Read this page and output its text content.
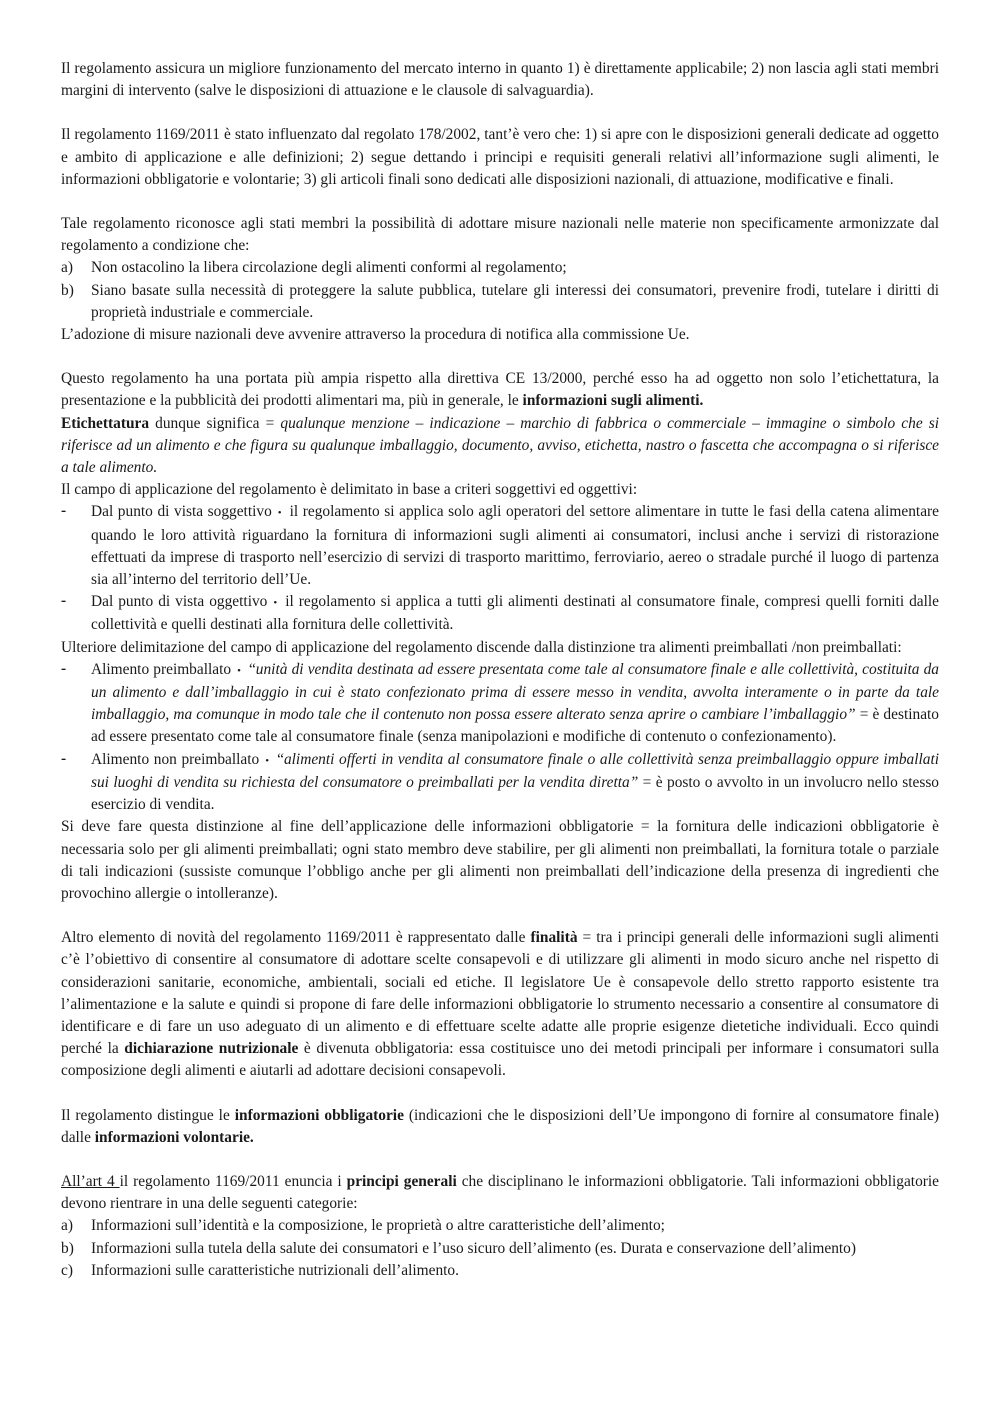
Il regolamento assicura un migliore funzionamento del mercato interno in quanto 1) è direttamente applicabile; 2) non lascia agli stati membri margini di intervento (salve le disposizioni di attuazione e le clausole di salvaguardia).

Il regolamento 1169/2011 è stato influenzato dal regolato 178/2002, tant’è vero che: 1) si apre con le disposizioni generali dedicate ad oggetto e ambito di applicazione e alle definizioni; 2) segue dettando i principi e requisiti generali relativi all’informazione sugli alimenti, le informazioni obbligatorie e volontarie; 3) gli articoli finali sono dedicati alle disposizioni nazionali, di attuazione, modificative e finali.

Tale regolamento riconosce agli stati membri la possibilità di adottare misure nazionali nelle materie non specificamente armonizzate dal regolamento a condizione che:

a) Non ostacolino la libera circolazione degli alimenti conformi al regolamento;
b) Siano basate sulla necessità di proteggere la salute pubblica, tutelare gli interessi dei consumatori, prevenire frodi, tutelare i diritti di proprietà industriale e commerciale.

L’adozione di misure nazionali deve avvenire attraverso la procedura di notifica alla commissione Ue.

Questo regolamento ha una portata più ampia rispetto alla direttiva CE 13/2000, perché esso ha ad oggetto non solo l’etichettatura, la presentazione e la pubblicità dei prodotti alimentari ma, più in generale, le informazioni sugli alimenti.

Etichettatura dunque significa = qualunque menzione – indicazione – marchio di fabbrica o commerciale – immagine o simbolo che si riferisce ad un alimento e che figura su qualunque imballaggio, documento, avviso, etichetta, nastro o fascetta che accompagna o si riferisce a tale alimento.

Il campo di applicazione del regolamento è delimitato in base a criteri soggettivi ed oggettivi:

- Dal punto di vista soggettivo • il regolamento si applica solo agli operatori del settore alimentare in tutte le fasi della catena alimentare quando le loro attività riguardano la fornitura di informazioni sugli alimenti ai consumatori, inclusi anche i servizi di ristorazione effettuati da imprese di trasporto nell’esercizio di servizi di trasporto marittimo, ferroviario, aereo o stradale purché il luogo di partenza sia all’interno del territorio dell’Ue.
- Dal punto di vista oggettivo • il regolamento si applica a tutti gli alimenti destinati al consumatore finale, compresi quelli forniti dalle collettività e quelli destinati alla fornitura delle collettività.

Ulteriore delimitazione del campo di applicazione del regolamento discende dalla distinzione tra alimenti preimballati /non preimballati:

- Alimento preimballato • “unità di vendita destinata ad essere presentata come tale al consumatore finale e alle collettività, costituita da un alimento e dall’imballaggio in cui è stato confezionato prima di essere messo in vendita, avvolta interamente o in parte da tale imballaggio, ma comunque in modo tale che il contenuto non possa essere alterato senza aprire o cambiare l’imballaggio” = è destinato ad essere presentato come tale al consumatore finale (senza manipolazioni e modifiche di contenuto o confezionamento).
- Alimento non preimballato • “alimenti offerti in vendita al consumatore finale o alle collettività senza preimballaggio oppure imballati sui luoghi di vendita su richiesta del consumatore o preimballati per la vendita diretta” = è posto o avvolto in un involucro nello stesso esercizio di vendita.

Si deve fare questa distinzione al fine dell’applicazione delle informazioni obbligatorie = la fornitura delle indicazioni obbligatorie è necessaria solo per gli alimenti preimballati; ogni stato membro deve stabilire, per gli alimenti non preimballati, la fornitura totale o parziale di tali indicazioni (sussiste comunque l’obbligo anche per gli alimenti non preimballati dell’indicazione della presenza di ingredienti che provochino allergie o intolleranze).

Altro elemento di novità del regolamento 1169/2011 è rappresentato dalle finalità = tra i principi generali delle informazioni sugli alimenti c’è l’obiettivo di consentire al consumatore di adottare scelte consapevoli e di utilizzare gli alimenti in modo sicuro anche nel rispetto di considerazioni sanitarie, economiche, ambientali, sociali ed etiche. Il legislatore Ue è consapevole dello stretto rapporto esistente tra l’alimentazione e la salute e quindi si propone di fare delle informazioni obbligatorie lo strumento necessario a consentire al consumatore di identificare e di fare un uso adeguato di un alimento e di effettuare scelte adatte alle proprie esigenze dietetiche individuali. Ecco quindi perché la dichiarazione nutrizionale è divenuta obbligatoria: essa costituisce uno dei metodi principali per informare i consumatori sulla composizione degli alimenti e aiutarli ad adottare decisioni consapevoli.

Il regolamento distingue le informazioni obbligatorie (indicazioni che le disposizioni dell’Ue impongono di fornire al consumatore finale) dalle informazioni volontarie.

All’art 4 il regolamento 1169/2011 enuncia i principi generali che disciplinano le informazioni obbligatorie. Tali informazioni obbligatorie devono rientrare in una delle seguenti categorie:

a) Informazioni sull’identità e la composizione, le proprietà o altre caratteristiche dell’alimento;
b) Informazioni sulla tutela della salute dei consumatori e l’uso sicuro dell’alimento (es. Durata e conservazione dell’alimento)
c) Informazioni sulle caratteristiche nutrizionali dell’alimento.
